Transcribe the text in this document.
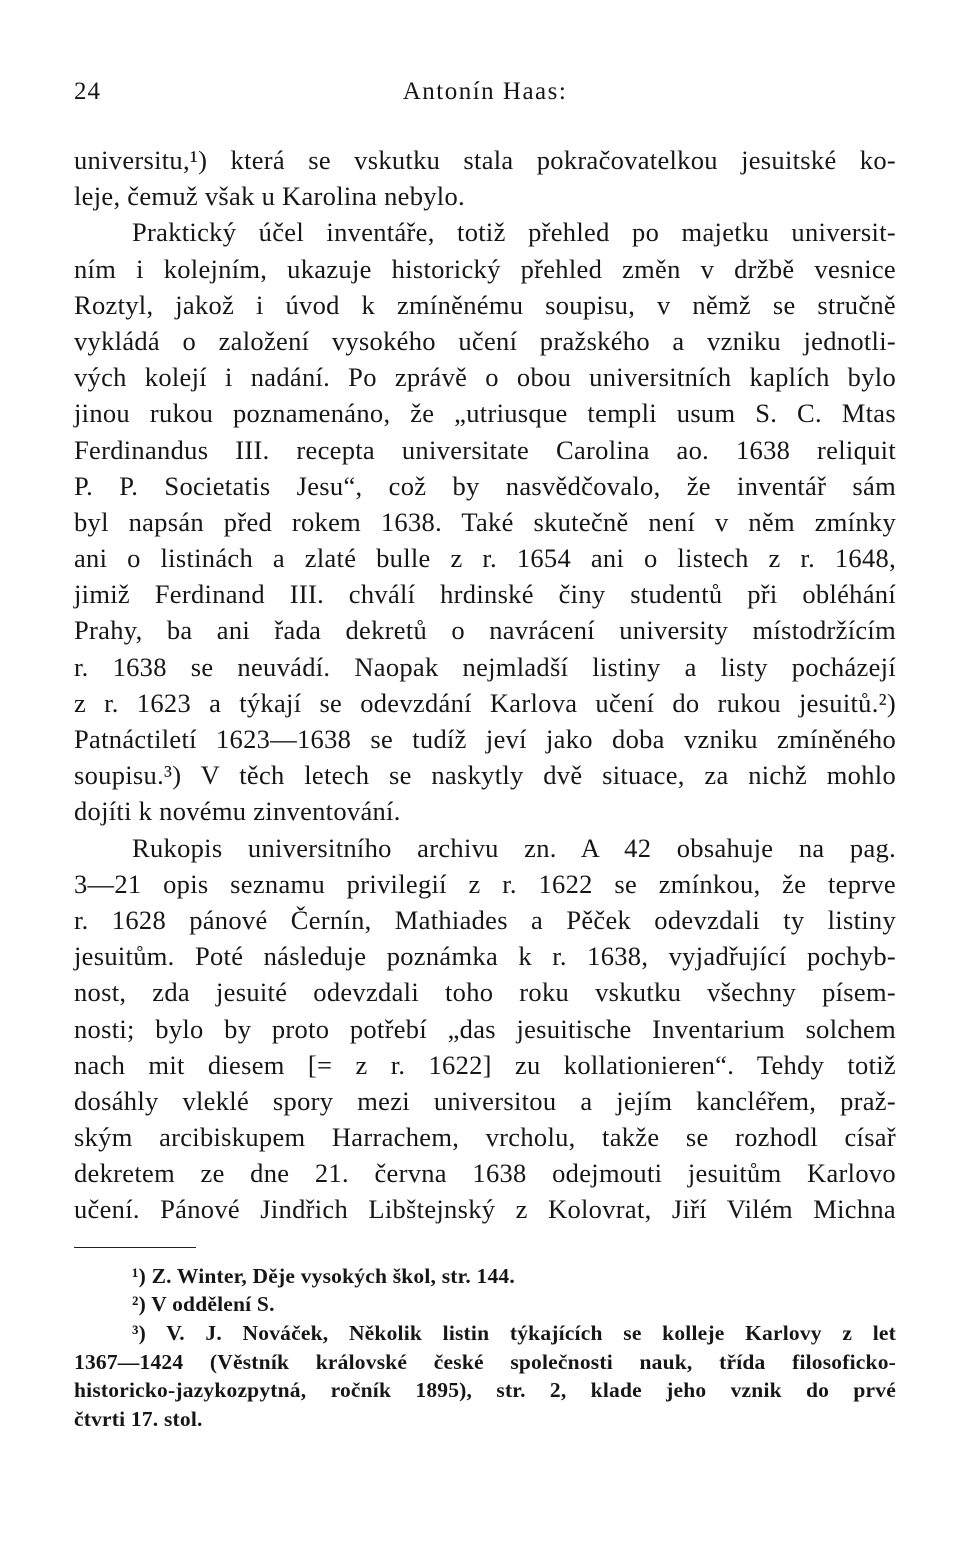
24	Antonín Haas:
universitu,¹) která se vskutku stala pokračovatelkou jesuitské ko-
leje, čemuž však u Karolina nebylo.
Praktický účel inventáře, totiž přehled po majetku universit-
ním i kolejním, ukazuje historický přehled změn v držbě vesnice
Roztyl, jakož i úvod k zmíněnému soupisu, v němž se stručně
vykládá o založení vysokého učení pražského a vzniku jednotli-
vých kolejí i nadání. Po zprávě o obou universitních kaplích bylo
jinou rukou poznamenáno, že „utriusque templi usum S. C. Mtas
Ferdinandus III. recepta universitate Carolina ao. 1638 reliquit
P. P. Societatis Jesu“, což by nasvědčovalo, že inventář sám
byl napsán před rokem 1638. Také skutečně není v něm zmínky
ani o listinách a zlaté bulle z r. 1654 ani o listech z r. 1648,
jimiž Ferdinand III. chválí hrdinské činy studentů při obléhání
Prahy, ba ani řada dekretů o navrácení university místodržícím
r. 1638 se neuvádí. Naopak nejmladší listiny a listy pocházejí
z r. 1623 a týkají se odevzdání Karlova učení do rukou jesuitů.²)
Patnáctiletí 1623—1638 se tudíž jeví jako doba vzniku zmíněného
soupisu.³) V těch letech se naskytly dvě situace, za nichž mohlo
dojíti k novému zinventování.
Rukopis universitního archivu zn. A 42 obsahuje na pag.
3—21 opis seznamu privilegií z r. 1622 se zmínkou, že teprve
r. 1628 pánové Černín, Mathiades a Pěček odevzdali ty listiny
jesuitům. Poté následuje poznámka k r. 1638, vyjadřující pochyb-
nost, zda jesuité odevzdali toho roku vskutku všechny písem-
nosti; bylo by proto potřebí „das jesuitische Inventarium solchem
nach mit diesem [= z r. 1622] zu kollationieren“. Tehdy totiž
dosáhly vleklé spory mezi universitou a jejím kancléřem, praž-
ským arcibiskupem Harrachem, vrcholu, takže se rozhodl císař
dekretem ze dne 21. června 1638 odejmouti jesuitům Karlovo
učení. Pánové Jindřich Libštejnský z Kolovrat, Jiří Vilém Michna
¹) Z. Winter, Děje vysokých škol, str. 144.
²) V oddělení S.
³) V. J. Nováček, Několik listin týkajících se kolleje Karlovy z let
1367—1424 (Věstník královské české společnosti nauk, třída filosoficko-
historicko-jazykozpytná, ročník 1895), str. 2, klade jeho vznik do prvé
čtvrti 17. stol.
